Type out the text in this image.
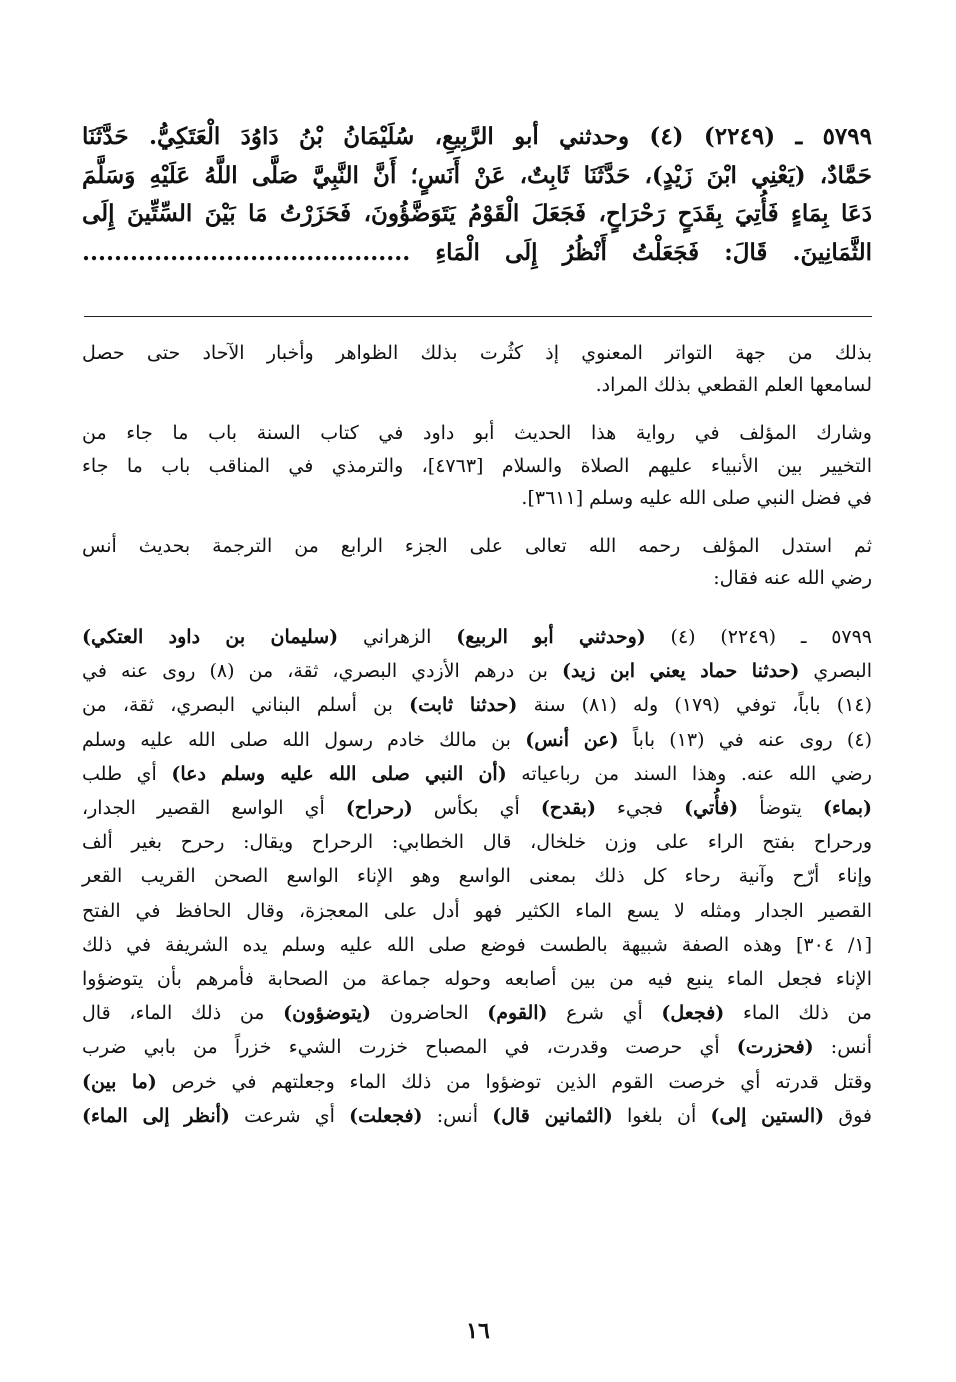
٥٧٩٩ ـ (٢٢٤٩) (٤) وحدثني أبو الرَّبِيعِ، سُلَيْمَانُ بْنُ دَاوُدَ الْعَتَكِيُّ. حَدَّثَنَا
حَمَّادٌ، (يَعْنِي ابْنَ زَيْدٍ)، حَدَّثَنَا ثَابِتٌ، عَنْ أَنَسٍ؛ أَنَّ النَّبِيَّ صَلَّى اللَّهُ عَلَيْهِ وَسَلَّمَ
دَعَا بِمَاءٍ فَأُتِيَ بِقَدَحٍ رَحْرَاحٍ، فَجَعَلَ الْقَوْمُ يَتَوَضَّؤُونَ، فَحَزَرْتُ مَا بَيْنَ السِّتِّينَ إِلَى
الثَّمَانِينَ. قَالَ: فَجَعَلْتُ أَنْظُرُ إِلَى الْمَاءِ .........................................
بذلك من جهة التواتر المعنوي إذ كثُرت بذلك الظواهر وأخبار الآحاد حتى حصل
لسامعها العلم القطعي بذلك المراد.
وشارك المؤلف في رواية هذا الحديث أبو داود في كتاب السنة باب ما جاء من
التخيير بين الأنبياء عليهم الصلاة والسلام [٤٧٦٣]، والترمذي في المناقب باب ما جاء
في فضل النبي صلى الله عليه وسلم [٣٦١١].
ثم استدل المؤلف رحمه الله تعالى على الجزء الرابع من الترجمة بحديث أنس
رضي الله عنه فقال:
٥٧٩٩ ـ (٢٢٤٩) (٤) (وحدثني أبو الربيع) الزهراني (سليمان بن داود العتكي)
البصري (حدثنا حماد يعني ابن زيد) بن درهم الأزدي البصري، ثقة، من (٨) روى عنه في
(١٤) باباً، توفي (١٧٩) وله (٨١) سنة (حدثنا ثابت) بن أسلم البناني البصري، ثقة، من
(٤) روى عنه في (١٣) باباً (عن أنس) بن مالك خادم رسول الله صلى الله عليه وسلم
رضي الله عنه. وهذا السند من رباعياته (أن النبي صلى الله عليه وسلم دعا) أي طلب
(بماء) يتوضأ (فأُتي) فجيء (بقدح) أي بكأس (رحراح) أي الواسع القصير الجدار،
ورحراح بفتح الراء على وزن خلخال، قال الخطابي: الرحراح ويقال: رحرح بغير ألف
وإناء أرّح وآنية رحاء كل ذلك بمعنى الواسع وهو الإناء الواسع الصحن القريب القعر
القصير الجدار ومثله لا يسع الماء الكثير فهو أدل على المعجزة، وقال الحافظ في الفتح
[١/ ٣٠٤] وهذه الصفة شبيهة بالطست فوضع صلى الله عليه وسلم يده الشريفة في ذلك
الإناء فجعل الماء ينبع فيه من بين أصابعه وحوله جماعة من الصحابة فأمرهم بأن يتوضؤوا
من ذلك الماء (فجعل) أي شرع (القوم) الحاضرون (يتوضؤون) من ذلك الماء، قال
أنس: (فحزرت) أي حرصت وقدرت، في المصباح خزرت الشيء خزراً من بابي ضرب
وقتل قدرته أي خرصت القوم الذين توضؤوا من ذلك الماء وجعلتهم في خرص (ما بين)
فوق (الستين إلى) أن بلغوا (الثمانين قال) أنس: (فجعلت) أي شرعت (أنظر إلى الماء)
١٦
